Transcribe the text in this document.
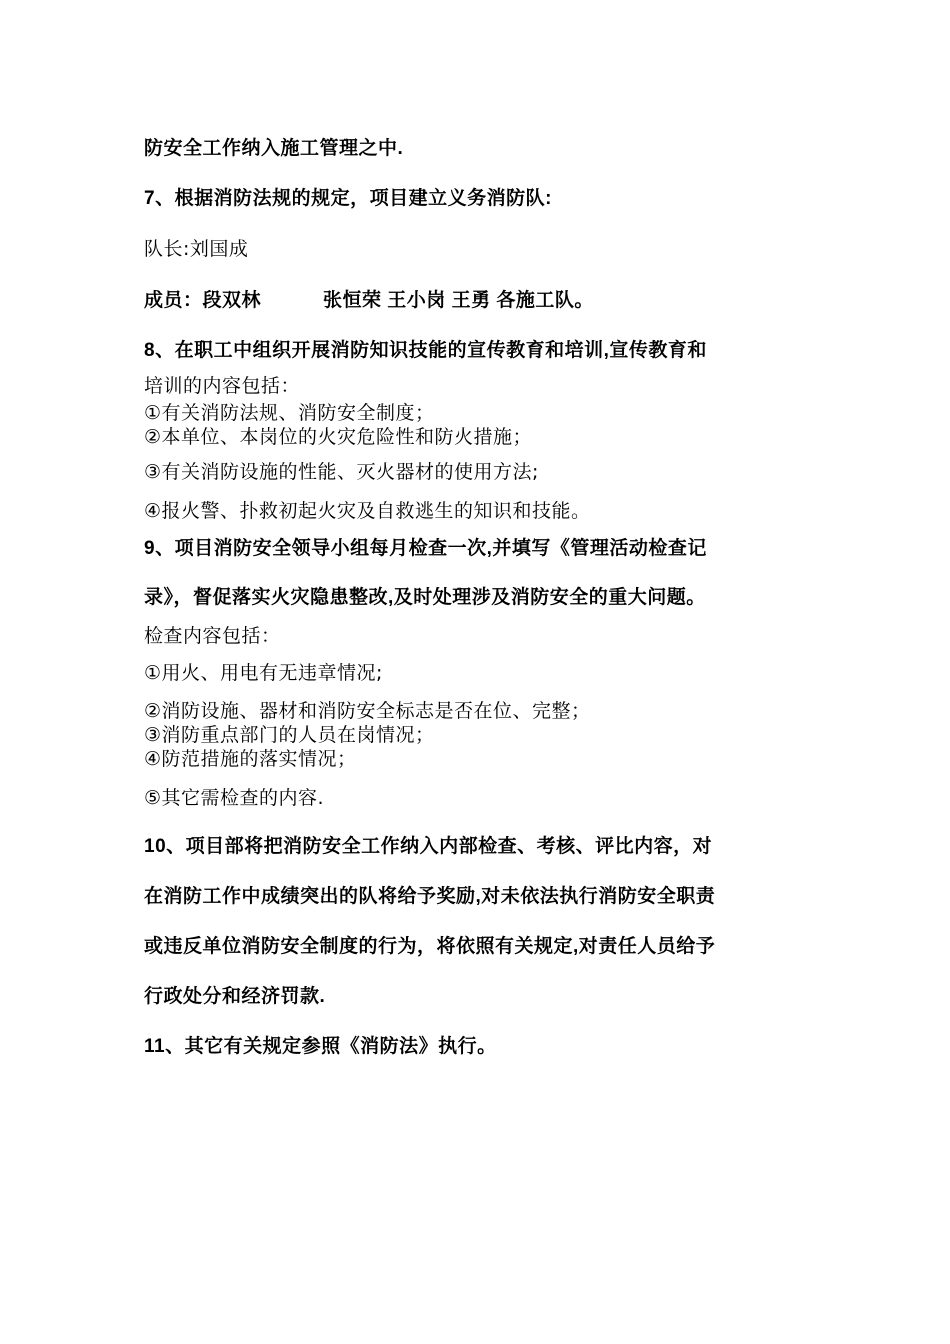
防安全工作纳入施工管理之中.
7、根据消防法规的规定，项目建立义务消防队:
队长:刘国成
成员：段双林	张恒荣 王小岗 王勇 各施工队。
8、在职工中组织开展消防知识技能的宣传教育和培训,宣传教育和
培训的内容包括：
①有关消防法规、消防安全制度；
②本单位、本岗位的火灾危险性和防火措施；
③有关消防设施的性能、灭火器材的使用方法;
④报火警、扑救初起火灾及自救逃生的知识和技能。
9、项目消防安全领导小组每月检查一次,并填写《管理活动检查记
录》，督促落实火灾隐患整改,及时处理涉及消防安全的重大问题。
检查内容包括：
①用火、用电有无违章情况;
②消防设施、器材和消防安全标志是否在位、完整；
③消防重点部门的人员在岗情况；
④防范措施的落实情况；
⑤其它需检查的内容.
10、项目部将把消防安全工作纳入内部检查、考核、评比内容，对
在消防工作中成绩突出的队将给予奖励,对未依法执行消防安全职责
或违反单位消防安全制度的行为，将依照有关规定,对责任人员给予
行政处分和经济罚款.
11、其它有关规定参照《消防法》执行。
